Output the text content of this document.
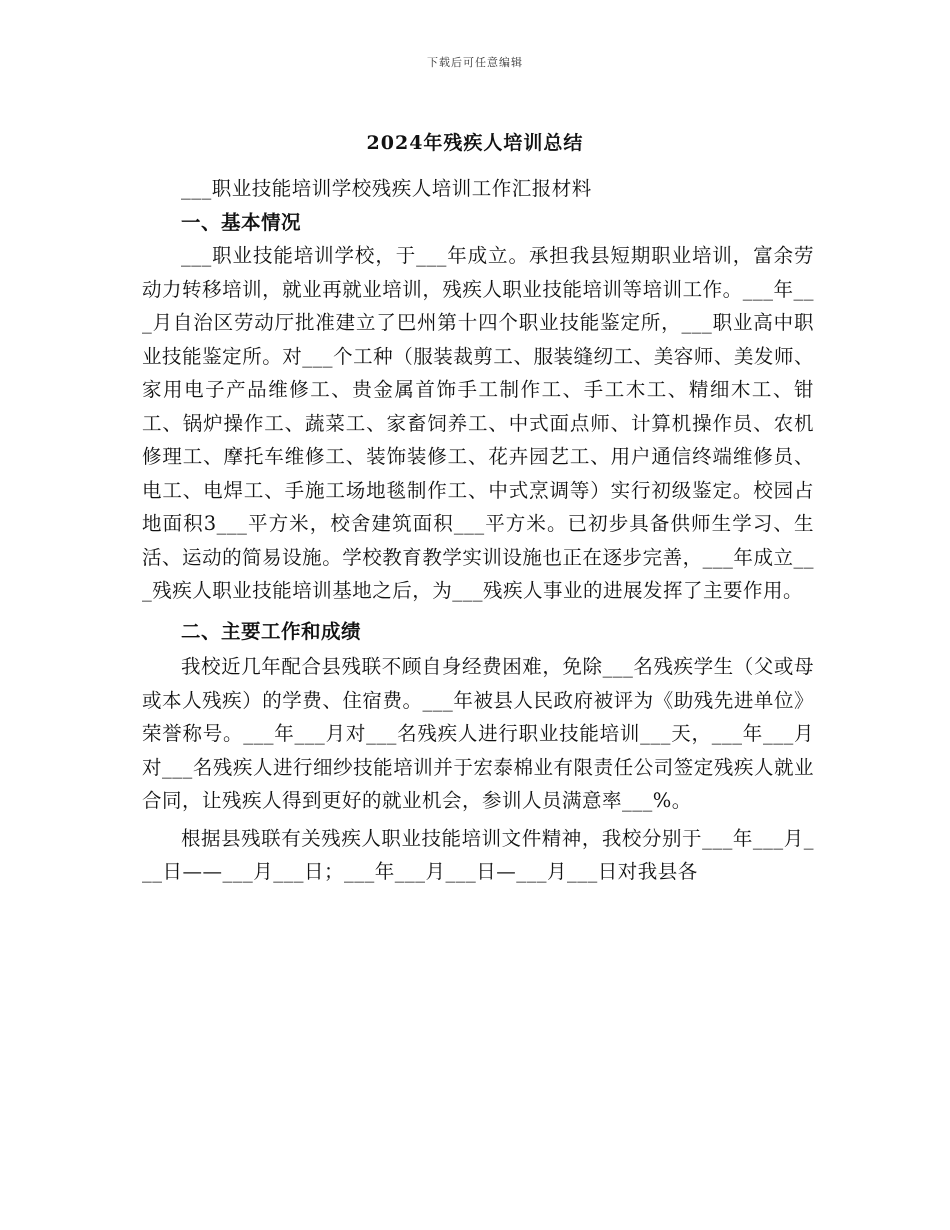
下载后可任意编辑
2024年残疾人培训总结

___职业技能培训学校残疾人培训工作汇报材料

一、基本情况

___职业技能培训学校，于___年成立。承担我县短期职业培训，富余劳动力转移培训，就业再就业培训，残疾人职业技能培训等培训工作。___年___月自治区劳动厅批准建立了巴州第十四个职业技能鉴定所，___职业高中职业技能鉴定所。对___个工种（服装裁剪工、服装缝纫工、美容师、美发师、家用电子产品维修工、贵金属首饰手工制作工、手工木工、精细木工、钳工、锅炉操作工、蔬菜工、家畜饲养工、中式面点师、计算机操作员、农机修理工、摩托车维修工、装饰装修工、花卉园艺工、用户通信终端维修员、电工、电焊工、手施工场地毯制作工、中式烹调等）实行初级鉴定。校园占地面积3___平方米，校舍建筑面积___平方米。已初步具备供师生学习、生活、运动的简易设施。学校教育教学实训设施也正在逐步完善，___年成立___残疾人职业技能培训基地之后，为___残疾人事业的进展发挥了主要作用。

二、主要工作和成绩

我校近几年配合县残联不顾自身经费困难，免除___名残疾学生（父或母或本人残疾）的学费、住宿费。___年被县人民政府被评为《助残先进单位》荣誉称号。___年___月对___名残疾人进行职业技能培训___天，___年___月对___名残疾人进行细纱技能培训并于宏泰棉业有限责任公司签定残疾人就业合同，让残疾人得到更好的就业机会，参训人员满意率___%。

根据县残联有关残疾人职业技能培训文件精神，我校分别于___年___月___日——___月___日；___年___月___日—___月___日对我县各
